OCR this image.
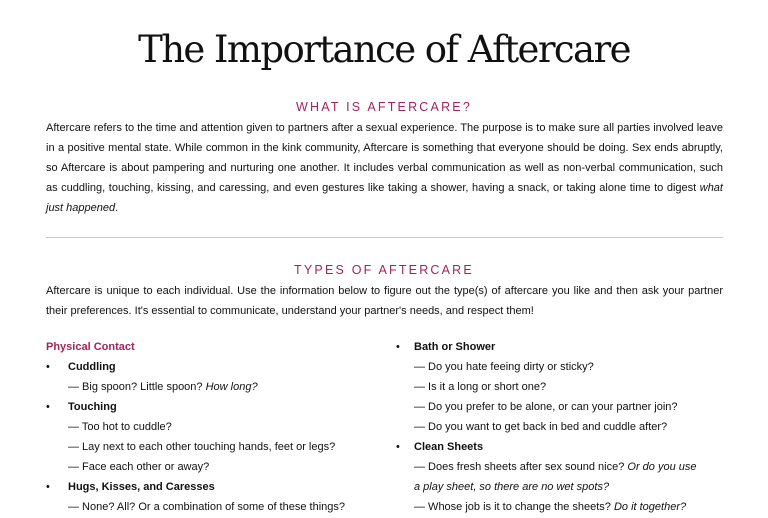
The Importance of Aftercare
WHAT IS AFTERCARE?

Aftercare refers to the time and attention given to partners after a sexual experience. The purpose is to make sure all parties involved leave in a positive mental state. While common in the kink community, Aftercare is something that everyone should be doing. Sex ends abruptly, so Aftercare is about pampering and nurturing one another. It includes verbal communication as well as non-verbal communication, such as cuddling, touching, kissing, and caressing, and even gestures like taking a shower, having a snack, or taking alone time to digest what just happened.

TYPES OF AFTERCARE

Aftercare is unique to each individual. Use the information below to figure out the type(s) of aftercare you like and then ask your partner their preferences. It's essential to communicate, understand your partner's needs, and respect them!

Physical Contact
• Cuddling
— Big spoon? Little spoon? How long?
• Touching
— Too hot to cuddle?
— Lay next to each other touching hands, feet or legs?
— Face each other or away?
• Hugs, Kisses, and Caresses
— None? All? Or a combination of some of these things?
• Bath or Shower
— Do you hate feeing dirty or sticky?
— Is it a long or short one?
— Do you prefer to be alone, or can your partner join?
— Do you want to get back in bed and cuddle after?
• Clean Sheets
— Does fresh sheets after sex sound nice? Or do you use
a play sheet, so there are no wet spots?
— Whose job is it to change the sheets? Do it together?
